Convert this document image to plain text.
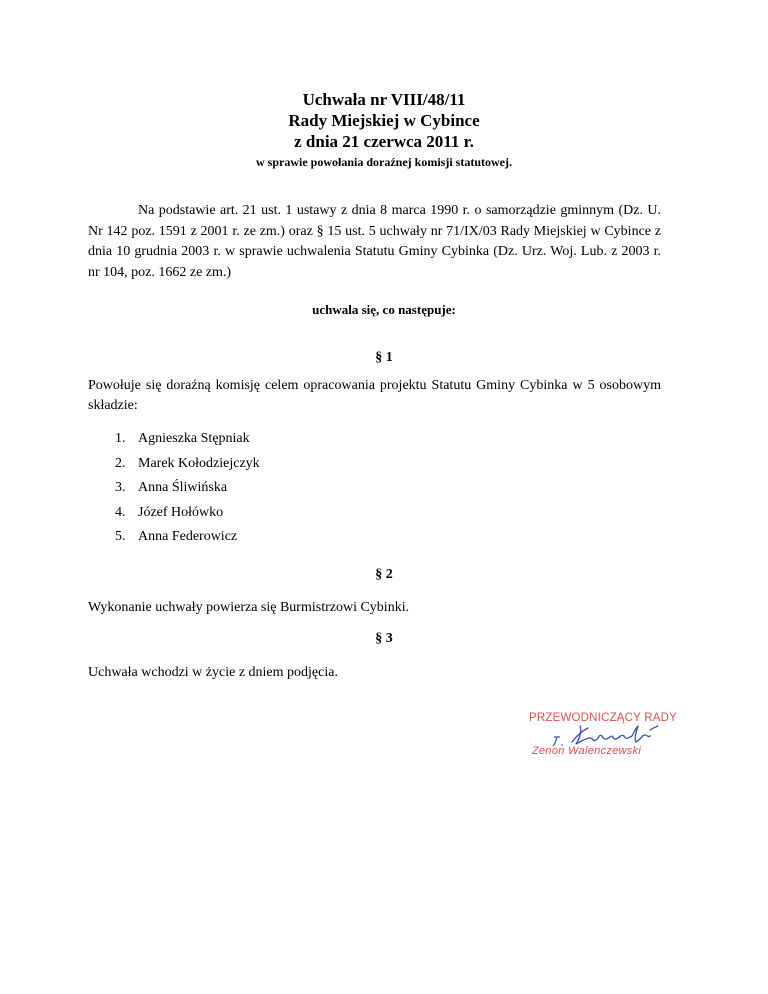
Uchwała nr VIII/48/11
Rady Miejskiej w Cybince
z dnia 21 czerwca 2011 r.
w sprawie powołania doraźnej komisji statutowej.

Na podstawie art. 21 ust. 1 ustawy z dnia 8 marca 1990 r. o samorządzie gminnym (Dz. U. Nr 142 poz. 1591 z 2001 r. ze zm.) oraz § 15 ust. 5 uchwały nr 71/IX/03 Rady Miejskiej w Cybince z dnia 10 grudnia 2003 r. w sprawie uchwalenia Statutu Gminy Cybinka (Dz. Urz. Woj. Lub. z 2003 r. nr 104, poz. 1662 ze zm.)

uchwala się, co następuje:
§ 1

Powołuje się doraźną komisję celem opracowania projektu Statutu Gminy Cybinka w 5 osobowym składzie:

1. Agnieszka Stępniak
2. Marek Kołodziejczyk
3. Anna Śliwińska
4. Józef Hołówko
5. Anna Federowicz
§ 2

Wykonanie uchwały powierza się Burmistrzowi Cybinki.

§ 3

Uchwała wchodzi w życie z dniem podjęcia.

PRZEWODNICZĄCY RADY
Zenon Walenczewski
